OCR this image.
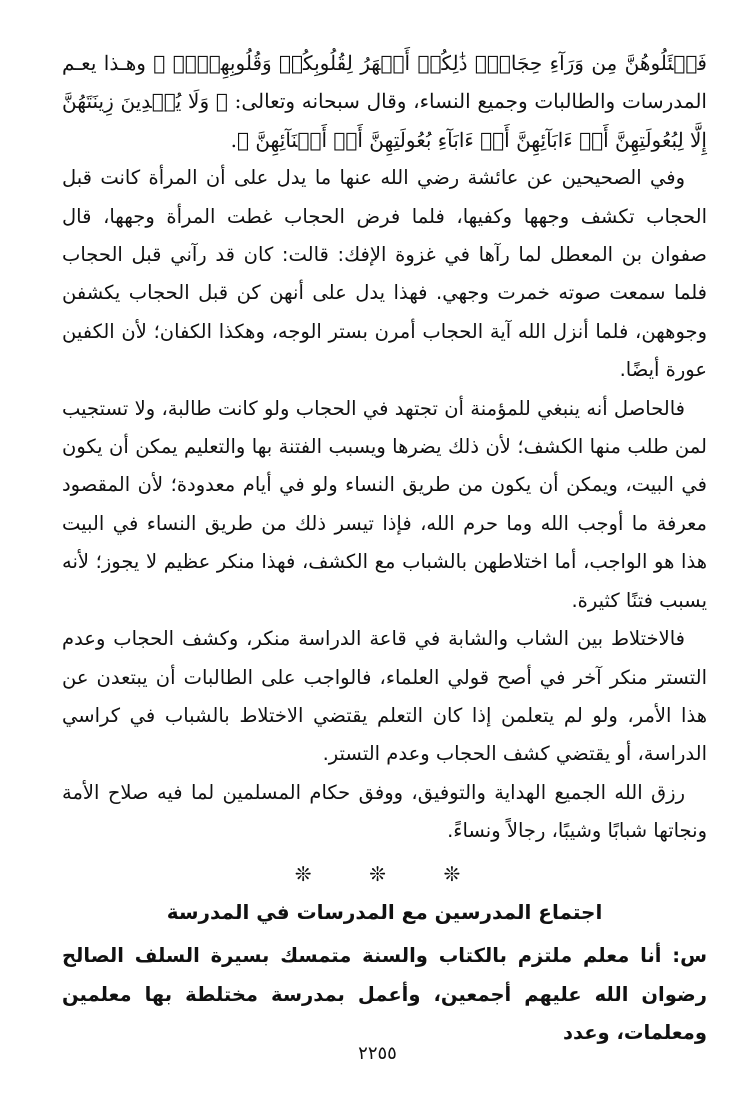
فَسۡئَلُوهُنَّ مِن وَرَآءِ حِجَابٍۚ ذَٰلِكُمۡ أَطۡهَرُ لِقُلُوبِكُمۡ وَقُلُوبِهِنَّۚ ﴾ وهـذا يعـم المدرسات والطالبات وجميع النساء، وقال سبحانه وتعالى: ﴿ وَلَا يُبۡدِينَ زِينَتَهُنَّ إِلَّا لِبُعُولَتِهِنَّ أَوۡ ءَابَآئِهِنَّ أَوۡ ءَابَآءِ بُعُولَتِهِنَّ أَوۡ أَبۡنَآئِهِنَّ ﴾.

وفي الصحيحين عن عائشة رضي الله عنها ما يدل على أن المرأة كانت قبل الحجاب تكشف وجهها وكفيها، فلما فرض الحجاب غطت المرأة وجهها، قال صفوان بن المعطل لما رآها في غزوة الإفك: قالت: كان قد رآني قبل الحجاب فلما سمعت صوته خمرت وجهي. فهذا يدل على أنهن كن قبل الحجاب يكشفن وجوههن، فلما أنزل الله آية الحجاب أمرن بستر الوجه، وهكذا الكفان؛ لأن الكفين عورة أيضًا.

فالحاصل أنه ينبغي للمؤمنة أن تجتهد في الحجاب ولو كانت طالبة، ولا تستجيب لمن طلب منها الكشف؛ لأن ذلك يضرها ويسبب الفتنة بها والتعليم يمكن أن يكون في البيت، ويمكن أن يكون من طريق النساء ولو في أيام معدودة؛ لأن المقصود معرفة ما أوجب الله وما حرم الله، فإذا تيسر ذلك من طريق النساء في البيت هذا هو الواجب، أما اختلاطهن بالشباب مع الكشف، فهذا منكر عظيم لا يجوز؛ لأنه يسبب فتنًا كثيرة.

فالاختلاط بين الشاب والشابة في قاعة الدراسة منكر، وكشف الحجاب وعدم التستر منكر آخر في أصح قولي العلماء، فالواجب على الطالبات أن يبتعدن عن هذا الأمر، ولو لم يتعلمن إذا كان التعلم يقتضي الاختلاط بالشباب في كراسي الدراسة، أو يقتضي كشف الحجاب وعدم التستر.

رزق الله الجميع الهداية والتوفيق، ووفق حكام المسلمين لما فيه صلاح الأمة ونجاتها شبابًا وشيبًا، رجالاً ونساءً.

❊	❊	❊
اجتماع المدرسين مع المدرسات في المدرسة
س: أنا معلم ملتزم بالكتاب والسنة متمسك بسيرة السلف الصالح رضوان الله عليهم أجمعين، وأعمل بمدرسة مختلطة بها معلمين ومعلمات، وعدد
٢٢٥٥
